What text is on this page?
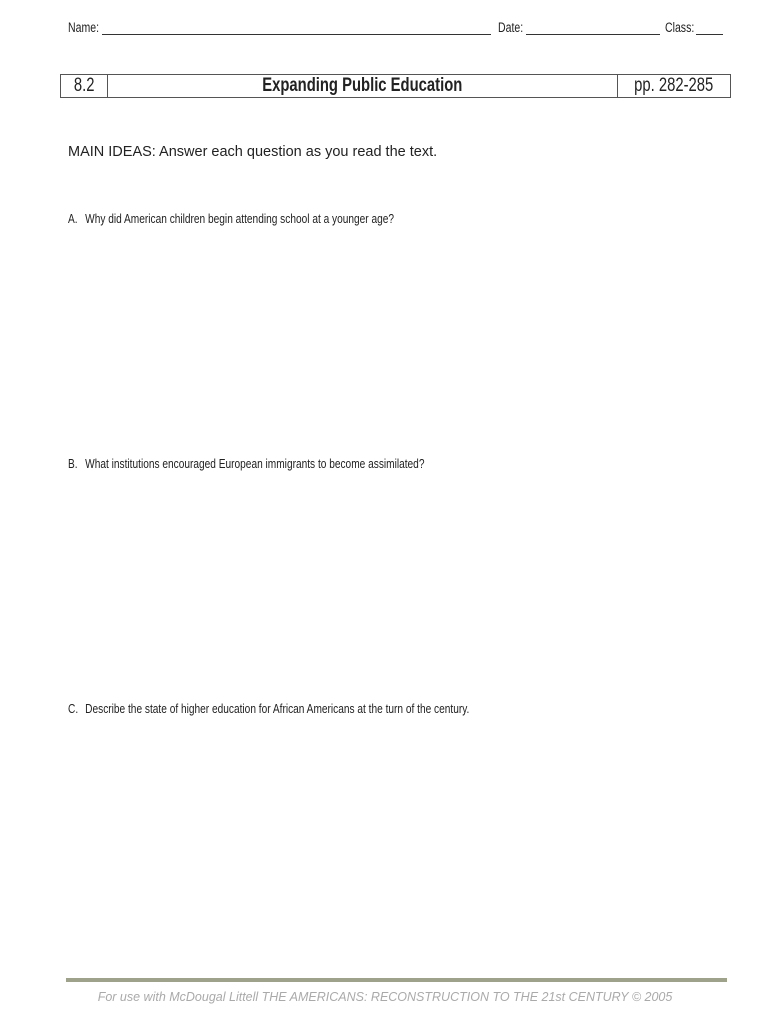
Name:	Date:	Class:
8.2	Expanding Public Education	pp. 282-285
MAIN IDEAS: Answer each question as you read the text.
A. Why did American children begin attending school at a younger age?
B. What institutions encouraged European immigrants to become assimilated?
C. Describe the state of higher education for African Americans at the turn of the century.
For use with McDougal Littell THE AMERICANS: RECONSTRUCTION TO THE 21st CENTURY © 2005
